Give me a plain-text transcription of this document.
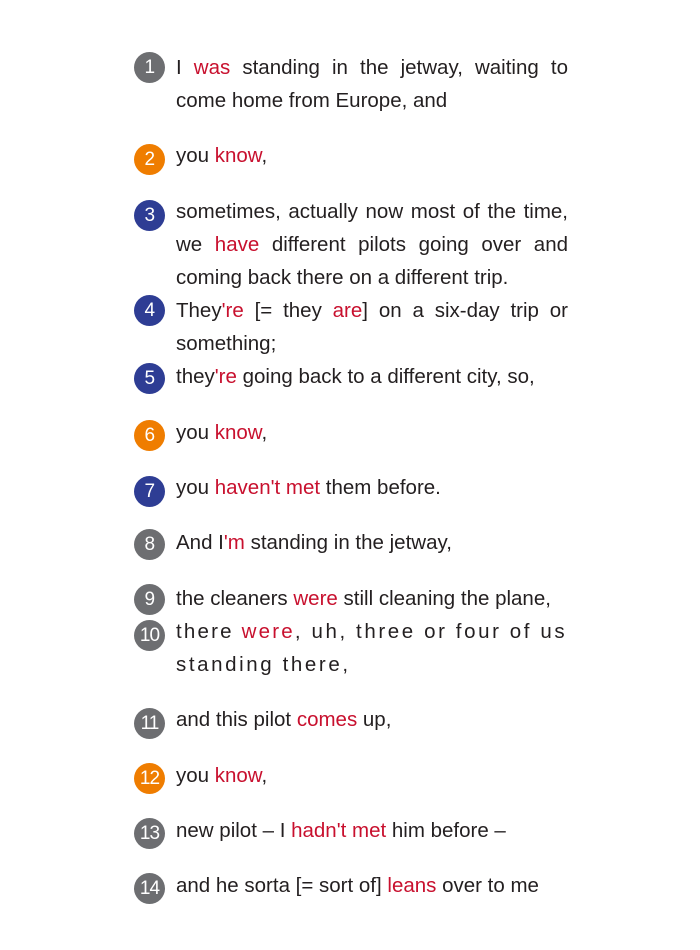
1	I was standing in the jetway, waiting to come home from Europe, and
2	you know,
3	sometimes, actually now most of the time, we have different pilots going over and coming back there on a different trip.
4	They're [= they are] on a six-day trip or something;
5	they're going back to a different city, so,
6	you know,
7	you haven't met them before.
8	And I'm standing in the jetway,
9	the cleaners were still cleaning the plane,
10 there were, uh, three or four of us standing there,
11 and this pilot comes up,
12 you know,
13 new pilot – I hadn't met him before –
14 and he sorta [= sort of] leans over to me
